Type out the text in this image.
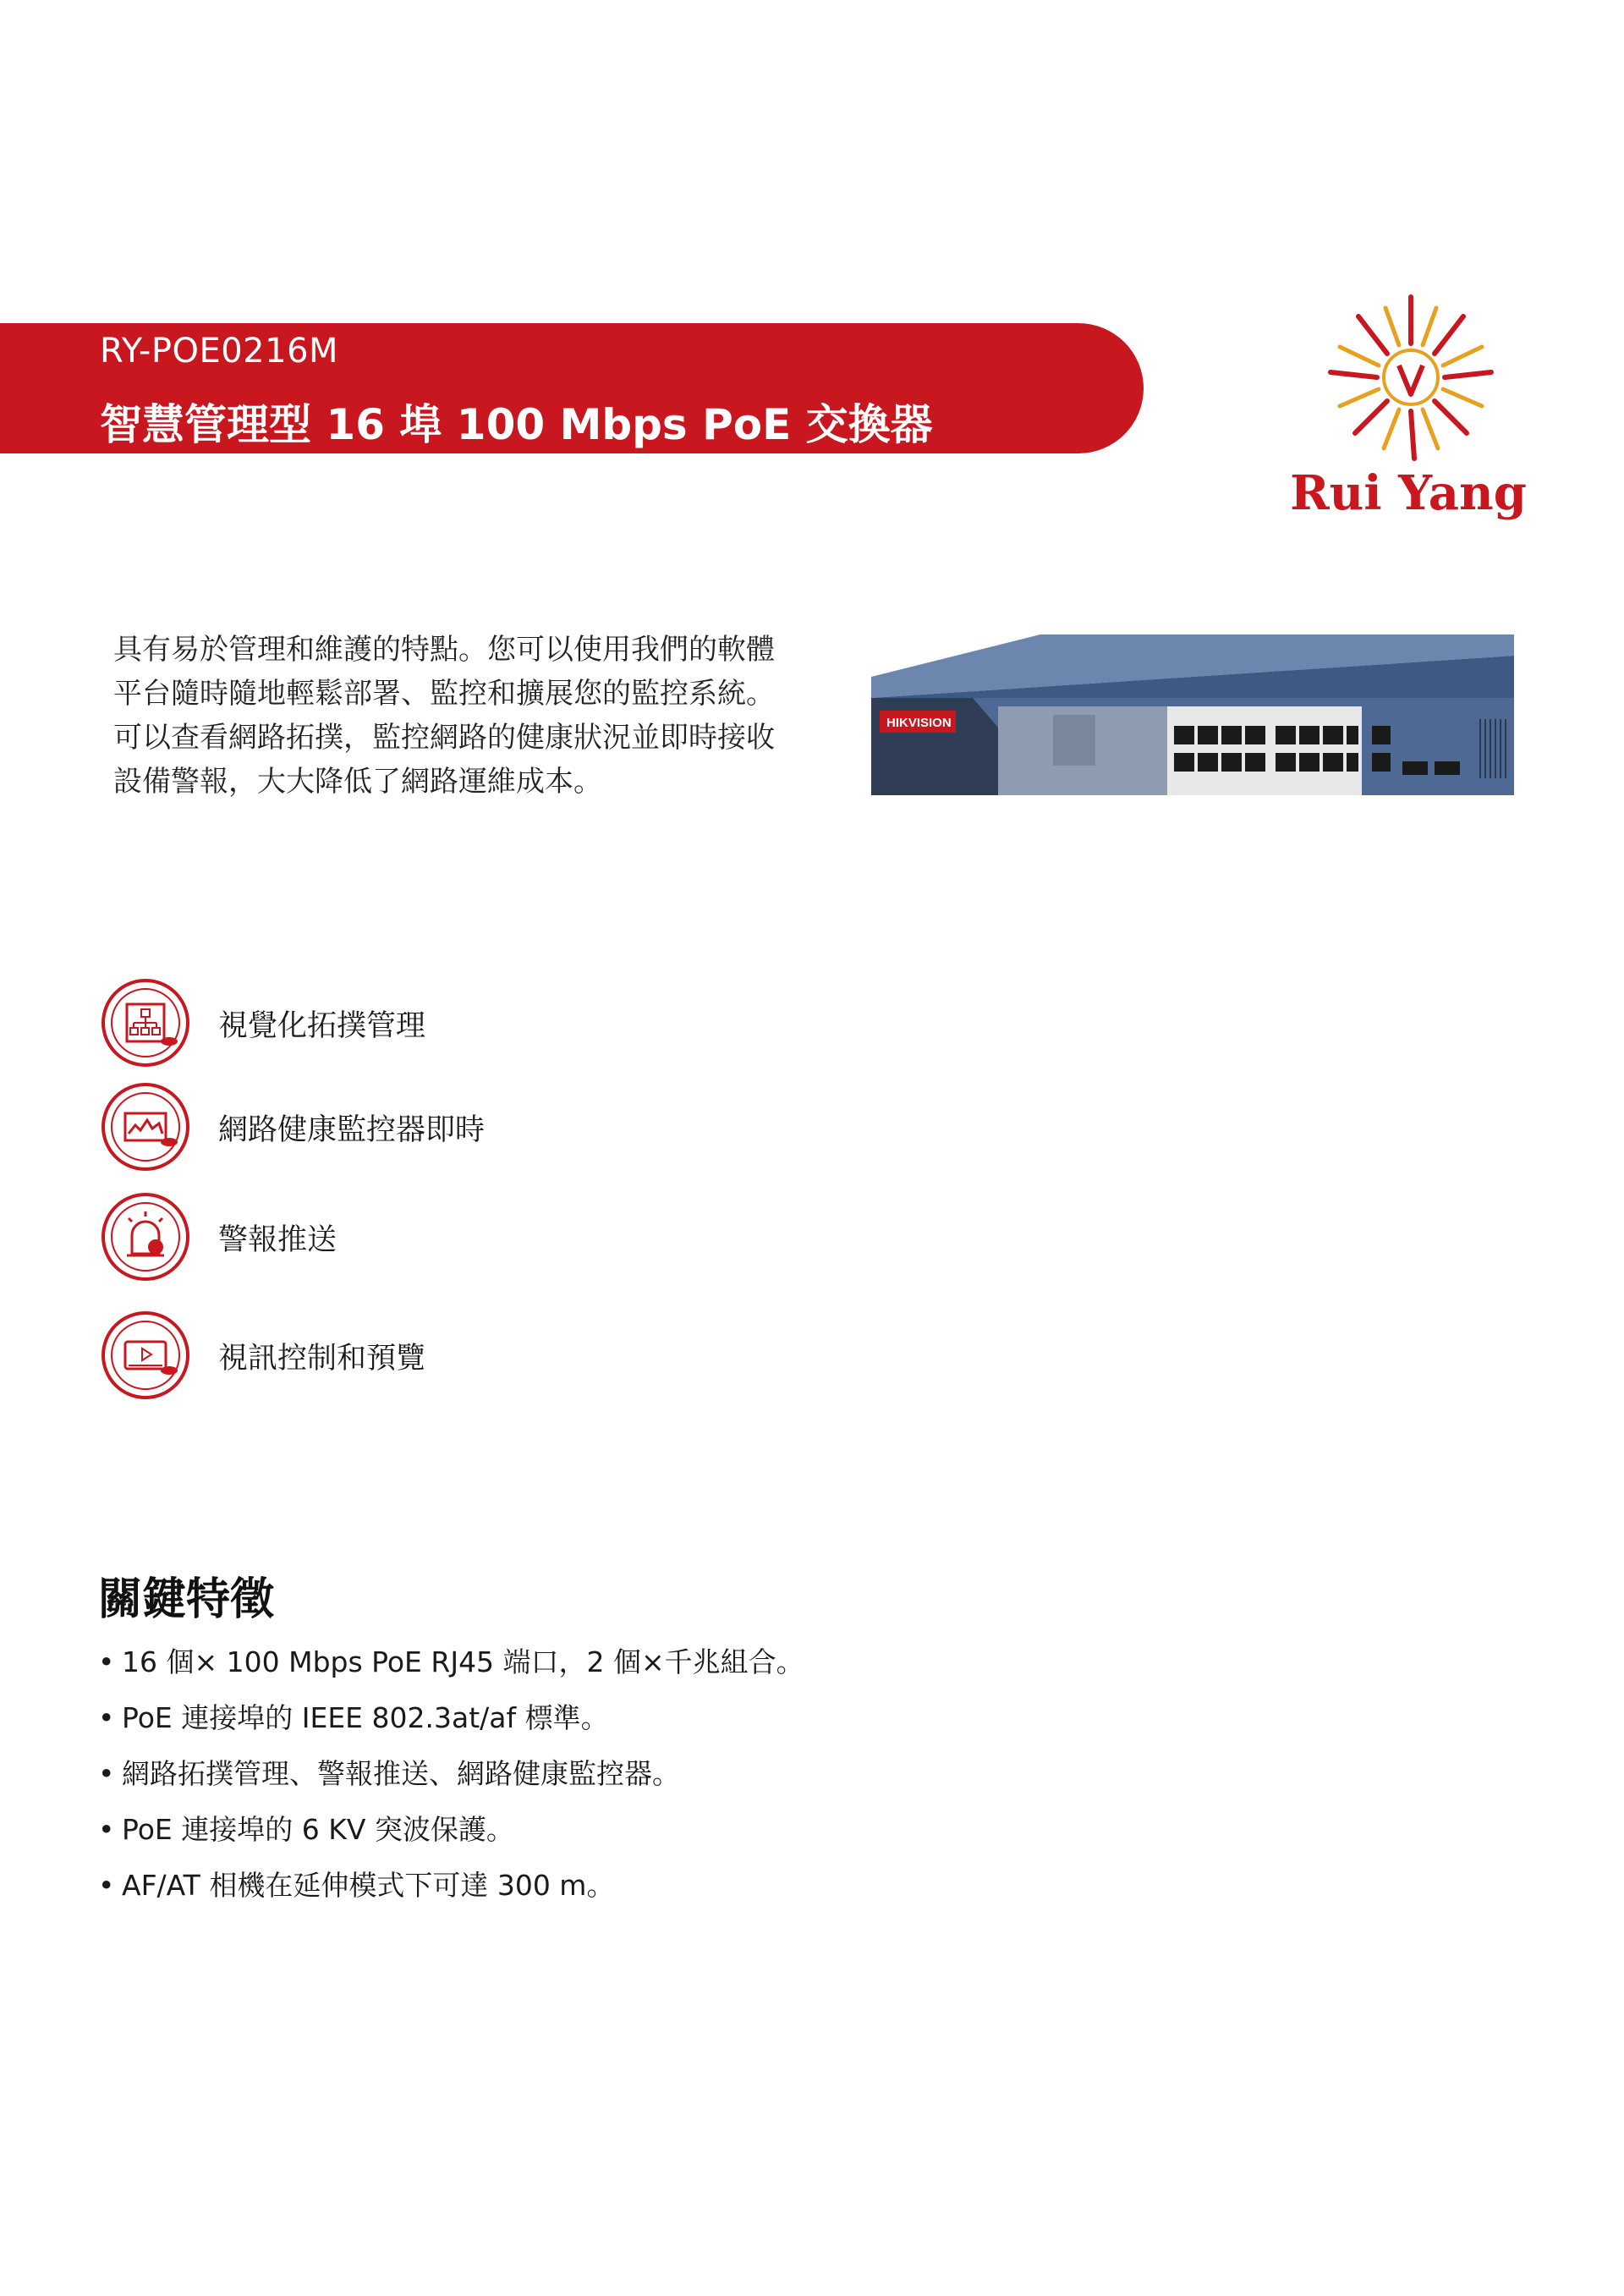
RY-POE0216M
智慧管理型 16 埠 100 Mbps PoE 交換器
Rui Yang
具有易於管理和維護的特點。您可以使用我們的軟體平台隨時隨地輕鬆部署、監控和擴展您的監控系統。可以查看網路拓撲，監控網路的健康狀況並即時接收設備警報，大大降低了網路運維成本。
HIKVISION
視覺化拓撲管理
網路健康監控器即時
警報推送
視訊控制和預覽
關鍵特徵
• 16 個× 100 Mbps PoE RJ45 端口，2 個×千兆組合。
• PoE 連接埠的 IEEE 802.3at/af 標準。
• 網路拓撲管理、警報推送、網路健康監控器。
• PoE 連接埠的 6 KV 突波保護。
• AF/AT 相機在延伸模式下可達 300 m。
